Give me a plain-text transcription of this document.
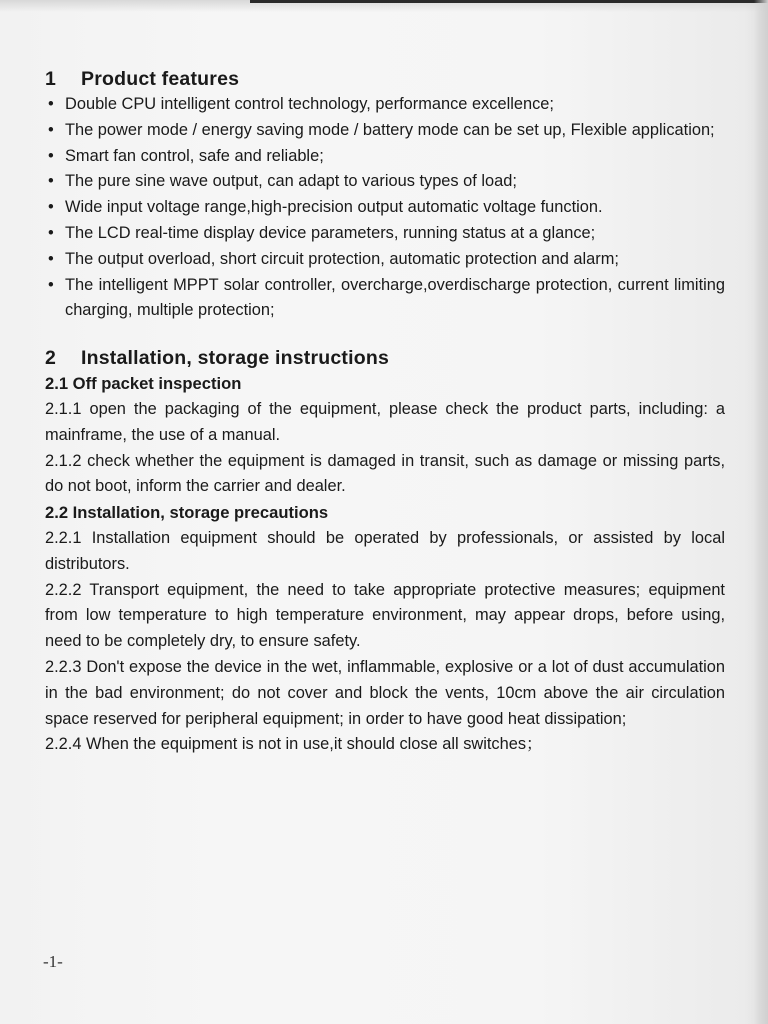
1 Product features
• Double CPU intelligent control technology, performance excellence;
• The power mode / energy saving mode / battery mode can be set up, Flexible application;
• Smart fan control, safe and reliable;
• The pure sine wave output, can adapt to various types of load;
• Wide input voltage range,high-precision output automatic voltage function.
• The LCD real-time display device parameters, running status at a glance;
• The output overload, short circuit protection, automatic protection and alarm;
• The intelligent MPPT solar controller, overcharge,overdischarge protection, current limiting charging, multiple protection;
2 Installation, storage instructions
2.1 Off packet inspection

2.1.1 open the packaging of the equipment, please check the product parts, including: a mainframe, the use of a manual.

2.1.2 check whether the equipment is damaged in transit, such as damage or missing parts, do not boot, inform the carrier and dealer.

2.2 Installation, storage precautions

2.2.1 Installation equipment should be operated by professionals, or assisted by local distributors.

2.2.2 Transport equipment, the need to take appropriate protective measures; equipment from low temperature to high temperature environment, may appear drops, before using, need to be completely dry, to ensure safety.

2.2.3 Don't expose the device in the wet, inflammable, explosive or a lot of dust accumulation in the bad environment; do not cover and block the vents, 10cm above the air circulation space reserved for peripheral equipment; in order to have good heat dissipation;

2.2.4 When the equipment is not in use,it should close all switches；

-1-
